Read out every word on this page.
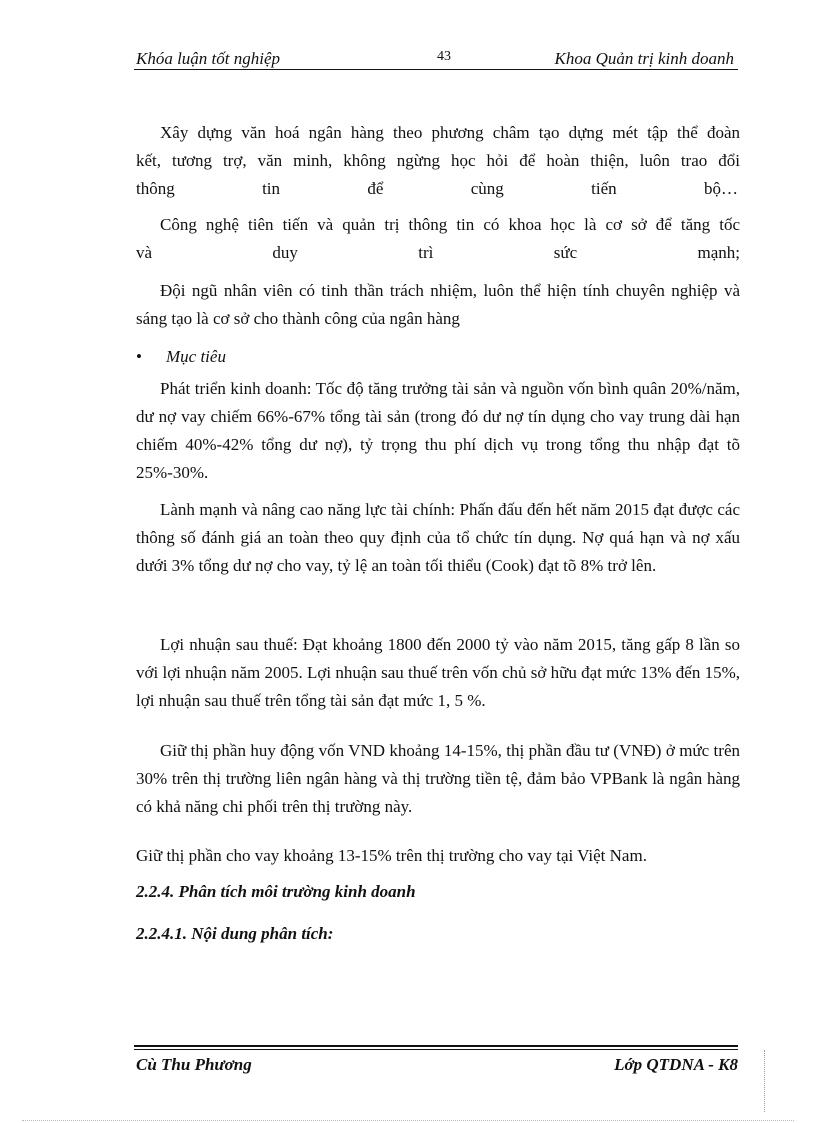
Khóa luận tốt nghiệp	43	Khoa Quản trị kinh doanh

Xây dựng văn hoá ngân hàng theo phương châm tạo dựng mét tập thể đoàn

kết, tương trợ, văn minh, không ngừng học hỏi để hoàn thiện, luôn trao đổi

thông tin để cùng tiến bộ…

Công nghệ tiên tiến và quản trị thông tin có khoa học là cơ sở để tăng tốc

và duy trì sức mạnh;

Đội ngũ nhân viên có tinh thần trách nhiệm, luôn thể hiện tính chuyên nghiệp và sáng tạo là cơ sở cho thành công của ngân hàng

•	Mục tiêu

Phát triển kinh doanh: Tốc độ tăng trưởng tài sản và nguồn vốn bình quân 20%/năm, dư nợ vay chiếm 66%-67% tổng tài sản (trong đó dư nợ tín dụng cho vay trung dài hạn chiếm 40%-42% tổng dư nợ), tỷ trọng thu phí dịch vụ trong tổng thu nhập đạt tõ 25%-30%.

Lành mạnh và nâng cao năng lực tài chính: Phấn đấu đến hết năm 2015 đạt được các thông số đánh giá an toàn theo quy định của tổ chức tín dụng. Nợ quá hạn và nợ xấu dưới 3% tổng dư nợ cho vay, tỷ lệ an toàn tối thiểu (Cook) đạt tõ 8% trở lên.

Lợi nhuận sau thuế: Đạt khoảng 1800 đến 2000 tỷ vào năm 2015, tăng gấp 8 lần so với lợi nhuận năm 2005. Lợi nhuận sau thuế trên vốn chủ sở hữu đạt mức 13% đến 15%, lợi nhuận sau thuế trên tổng tài sản đạt mức 1, 5 %.

Giữ thị phần huy động vốn VND khoảng 14-15%, thị phần đầu tư (VNĐ) ở mức trên 30% trên thị trường liên ngân hàng và thị trường tiền tệ, đảm bảo VPBank là ngân hàng có khả năng chi phối trên thị trường này.

Giữ thị phần cho vay khoảng 13-15% trên thị trường cho vay tại Việt Nam.

2.2.4. Phân tích môi trường kinh doanh
2.2.4.1. Nội dung phân tích:
Cù Thu Phương	Lớp QTDNA - K8
